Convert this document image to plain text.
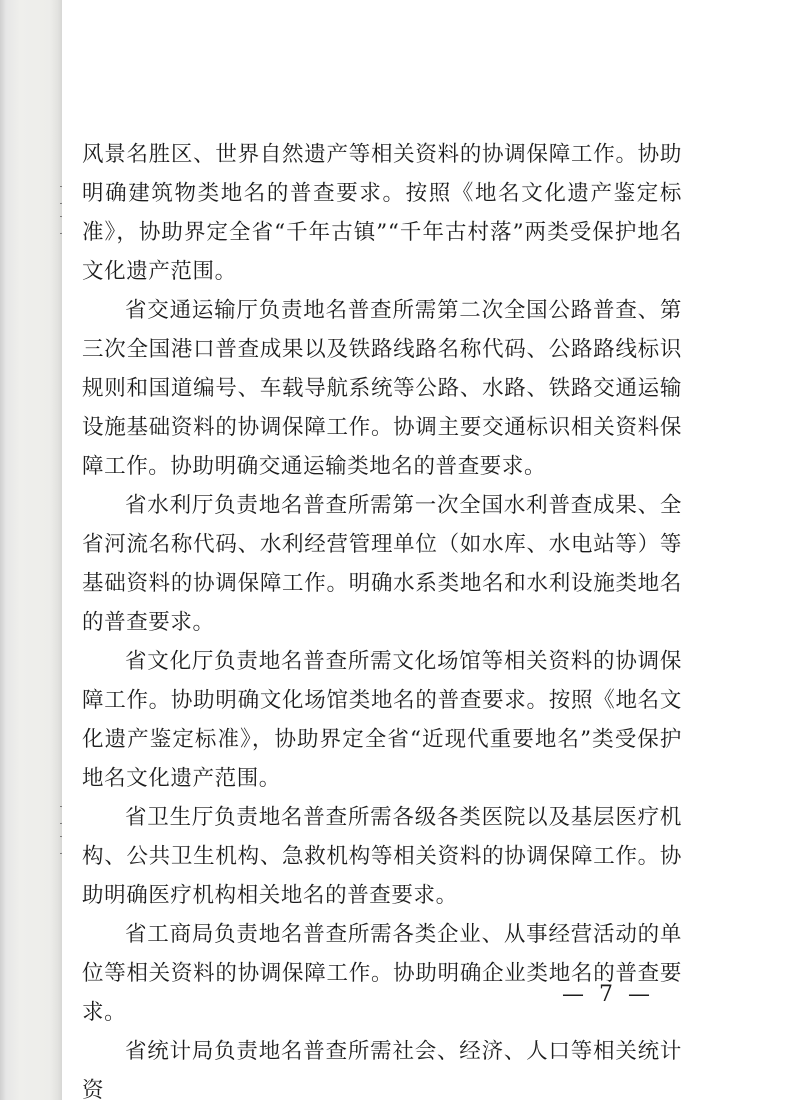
风景名胜区、世界自然遗产等相关资料的协调保障工作。协助明确建筑物类地名的普查要求。按照《地名文化遗产鉴定标准》，协助界定全省“千年古镇”“千年古村落”两类受保护地名文化遗产范围。

省交通运输厅负责地名普查所需第二次全国公路普查、第三次全国港口普查成果以及铁路线路名称代码、公路路线标识规则和国道编号、车载导航系统等公路、水路、铁路交通运输设施基础资料的协调保障工作。协调主要交通标识相关资料保障工作。协助明确交通运输类地名的普查要求。

省水利厅负责地名普查所需第一次全国水利普查成果、全省河流名称代码、水利经营管理单位（如水库、水电站等）等基础资料的协调保障工作。明确水系类地名和水利设施类地名的普查要求。

省文化厅负责地名普查所需文化场馆等相关资料的协调保障工作。协助明确文化场馆类地名的普查要求。按照《地名文化遗产鉴定标准》，协助界定全省“近现代重要地名”类受保护地名文化遗产范围。

省卫生厅负责地名普查所需各级各类医院以及基层医疗机构、公共卫生机构、急救机构等相关资料的协调保障工作。协助明确医疗机构相关地名的普查要求。

省工商局负责地名普查所需各类企业、从事经营活动的单位等相关资料的协调保障工作。协助明确企业类地名的普查要求。

省统计局负责地名普查所需社会、经济、人口等相关统计资

— 7 —
